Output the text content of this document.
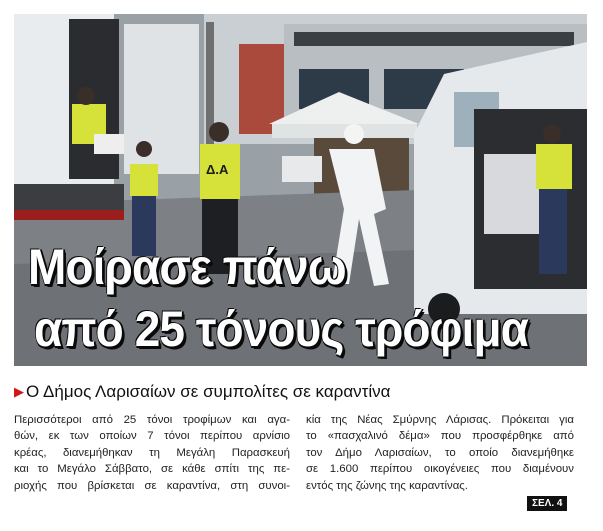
Δ.Α
Μοίρασε πάνω
από 25 τόνους τρόφιμα
▶ Ο Δήμος Λαρισαίων σε συμπολίτες σε καραντίνα
Περισσότεροι από 25 τόνοι τροφίμων και αγα-
θών, εκ των οποίων 7 τόνοι περίπου αρνίσιο
κρέας, διανεμήθηκαν τη Μεγάλη Παρασκευή
και το Μεγάλο Σάββατο, σε κάθε σπίτι της πε-
ριοχής που βρίσκεται σε καραντίνα, στη συνοι-
κία της Νέας Σμύρνης Λάρισας. Πρόκειται για
το «πασχαλινό δέμα» που προσφέρθηκε από
τον Δήμο Λαρισαίων, το οποίο διανεμήθηκε
σε 1.600 περίπου οικογένειες που διαμένουν
εντός της ζώνης της καραντίνας.
ΣΕΛ. 4
